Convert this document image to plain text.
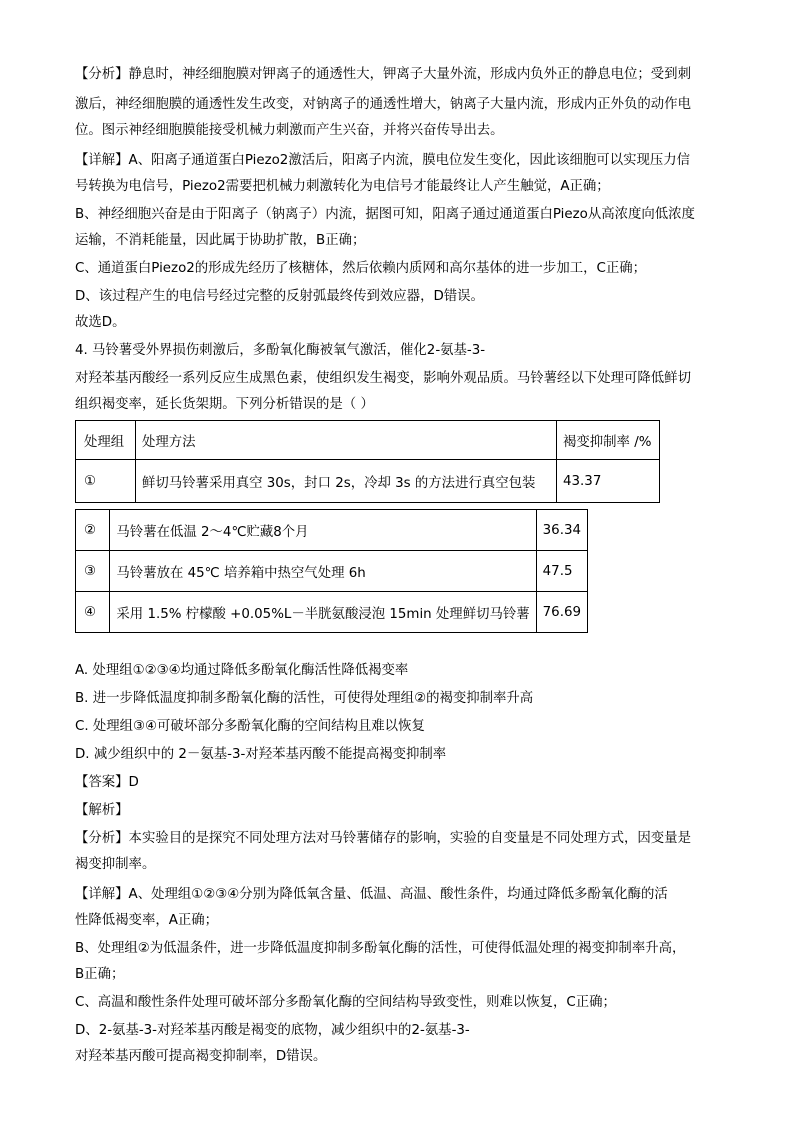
【分析】静息时，神经细胞膜对钾离子的通透性大，钾离子大量外流，形成内负外正的静息电位；受到刺
激后，神经细胞膜的通透性发生改变，对钠离子的通透性增大，钠离子大量内流，形成内正外负的动作电
位。图示神经细胞膜能接受机械力刺激而产生兴奋，并将兴奋传导出去。
【详解】A、阳离子通道蛋白Piezo2激活后，阳离子内流，膜电位发生变化，因此该细胞可以实现压力信
号转换为电信号，Piezo2需要把机械力刺激转化为电信号才能最终让人产生触觉，A正确；
B、神经细胞兴奋是由于阳离子（钠离子）内流，据图可知，阳离子通过通道蛋白Piezo从高浓度向低浓度
运输，不消耗能量，因此属于协助扩散，B正确；
C、通道蛋白Piezo2的形成先经历了核糖体，然后依赖内质网和高尔基体的进一步加工，C正确；
D、该过程产生的电信号经过完整的反射弧最终传到效应器，D错误。
故选D。
4. 马铃薯受外界损伤刺激后，多酚氧化酶被氧气激活，催化2-氨基-3-
对羟苯基丙酸经一系列反应生成黑色素，使组织发生褐变，影响外观品质。马铃薯经以下处理可降低鲜切
组织褐变率，延长货架期。下列分析错误的是（ ）
处理组	处理方法	褐变抑制率 /%
①	鲜切马铃薯采用真空 30s，封口 2s，冷却 3s 的方法进行真空包装	43.37
②	马铃薯在低温 2～4℃贮藏8个月	36.34
③	马铃薯放在 45℃ 培养箱中热空气处理 6h	47.5
④	采用 1.5% 柠檬酸 +0.05%L－半胱氨酸浸泡 15min 处理鲜切马铃薯	76.69
A. 处理组①②③④均通过降低多酚氧化酶活性降低褐变率
B. 进一步降低温度抑制多酚氧化酶的活性，可使得处理组②的褐变抑制率升高
C. 处理组③④可破坏部分多酚氧化酶的空间结构且难以恢复
D. 减少组织中的 2－氨基-3-对羟苯基丙酸不能提高褐变抑制率
【答案】D
【解析】
【分析】本实验目的是探究不同处理方法对马铃薯储存的影响，实验的自变量是不同处理方式，因变量是
褐变抑制率。
【详解】A、处理组①②③④分别为降低氧含量、低温、高温、酸性条件，均通过降低多酚氧化酶的活
性降低褐变率，A正确；
B、处理组②为低温条件，进一步降低温度抑制多酚氧化酶的活性，可使得低温处理的褐变抑制率升高，
B正确；
C、高温和酸性条件处理可破坏部分多酚氧化酶的空间结构导致变性，则难以恢复，C正确；
D、2-氨基-3-对羟苯基丙酸是褐变的底物，减少组织中的2-氨基-3-
对羟苯基丙酸可提高褐变抑制率，D错误。
